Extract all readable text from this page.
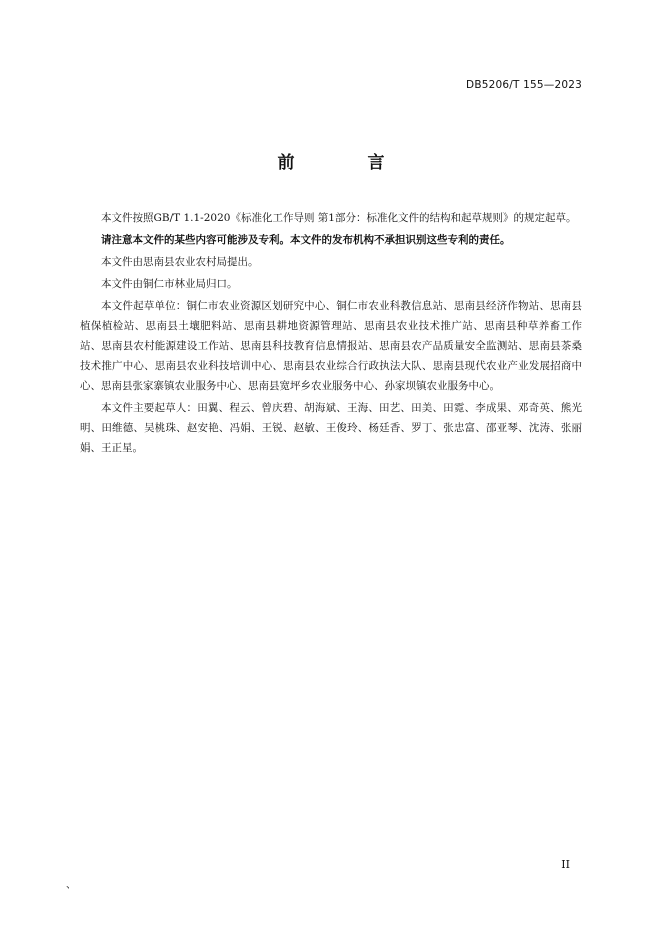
DB5206/T 155—2023
前　言

本文件按照GB/T 1.1-2020《标准化工作导则 第1部分：标准化文件的结构和起草规则》的规定起草。

请注意本文件的某些内容可能涉及专利。本文件的发布机构不承担识别这些专利的责任。

本文件由思南县农业农村局提出。

本文件由铜仁市林业局归口。

本文件起草单位：铜仁市农业资源区划研究中心、铜仁市农业科教信息站、思南县经济作物站、思南县植保植检站、思南县土壤肥料站、思南县耕地资源管理站、思南县农业技术推广站、思南县种草养畜工作站、思南县农村能源建设工作站、思南县科技教育信息情报站、思南县农产品质量安全监测站、思南县茶桑技术推广中心、思南县农业科技培训中心、思南县农业综合行政执法大队、思南县现代农业产业发展招商中心、思南县张家寨镇农业服务中心、思南县宽坪乡农业服务中心、孙家坝镇农业服务中心。

本文件主要起草人：田翼、程云、曾庆碧、胡海斌、王海、田艺、田美、田霓、李成果、邓奇英、熊光明、田维德、吴桃珠、赵安艳、冯娟、王锐、赵敏、王俊玲、杨廷香、罗丁、张忠富、邵亚琴、沈涛、张丽娟、王正星。

II
、
